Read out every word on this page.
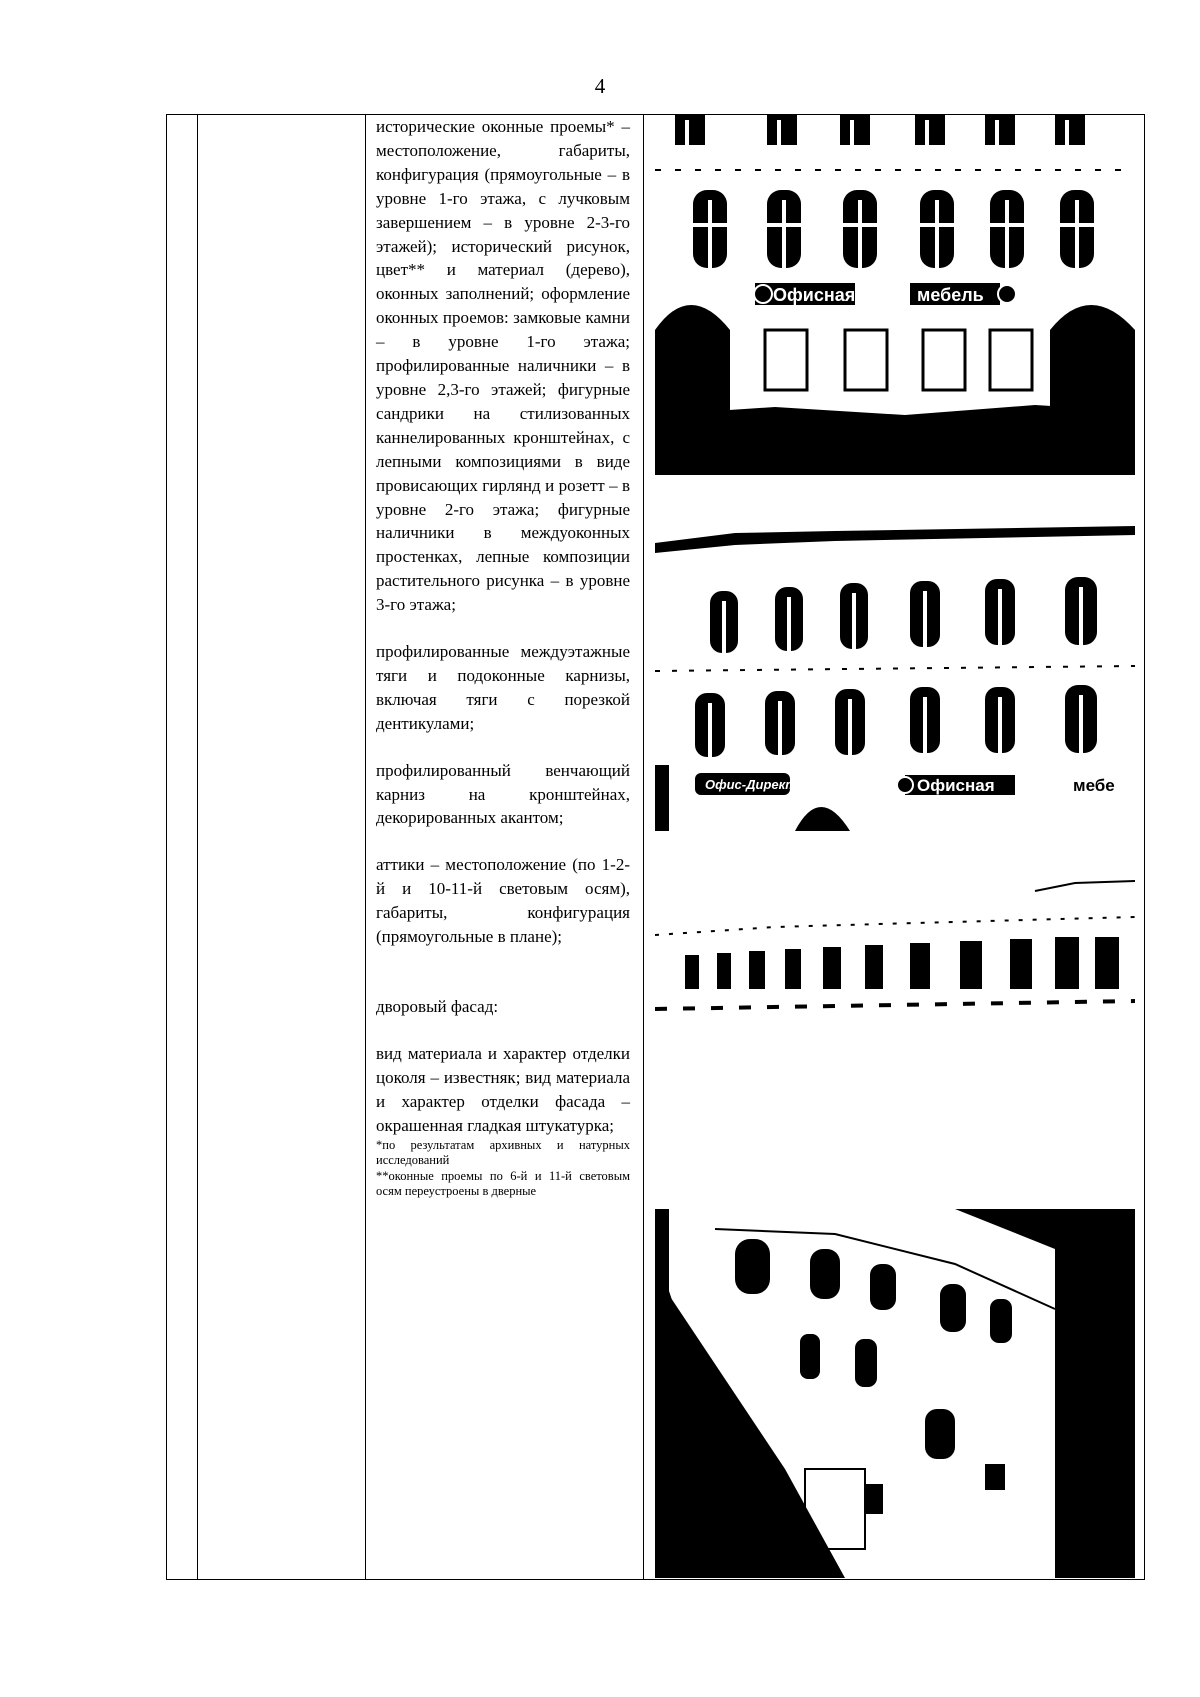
4

исторические оконные проемы* – местоположение, габариты, конфигурация (прямоугольные – в уровне 1-го этажа, с лучковым завершением – в уровне 2-3-го этажей); исторический рисунок, цвет** и материал (дерево), оконных заполнений; оформление оконных проемов: замковые камни – в уровне 1-го этажа; профилированные наличники – в уровне 2,3-го этажей; фигурные сандрики на стилизованных каннелированных кронштейнах, с лепными композициями в виде провисающих гирлянд и розетт – в уровне 2-го этажа; фигурные наличники в междуоконных простенках, лепные композиции растительного рисунка – в уровне 3-го этажа;

профилированные междуэтажные тяги и подоконные карнизы, включая тяги с порезкой дентикулами;

профилированный венчающий карниз на кронштейнах, декорированных акантом;

аттики – местоположение (по 1-2-й и 10-11-й световым осям), габариты, конфигурация (прямоугольные в плане);

дворовый фасад:

вид материала и характер отделки цоколя – известняк; вид материала и характер отделки фасада – окрашенная гладкая штукатурка;

*по результатам архивных и натурных исследований

**оконные проемы по 6-й и 11-й световым осям переустроены в дверные

Офисная	мебель
Офис-Директ	Офисная	мебе
